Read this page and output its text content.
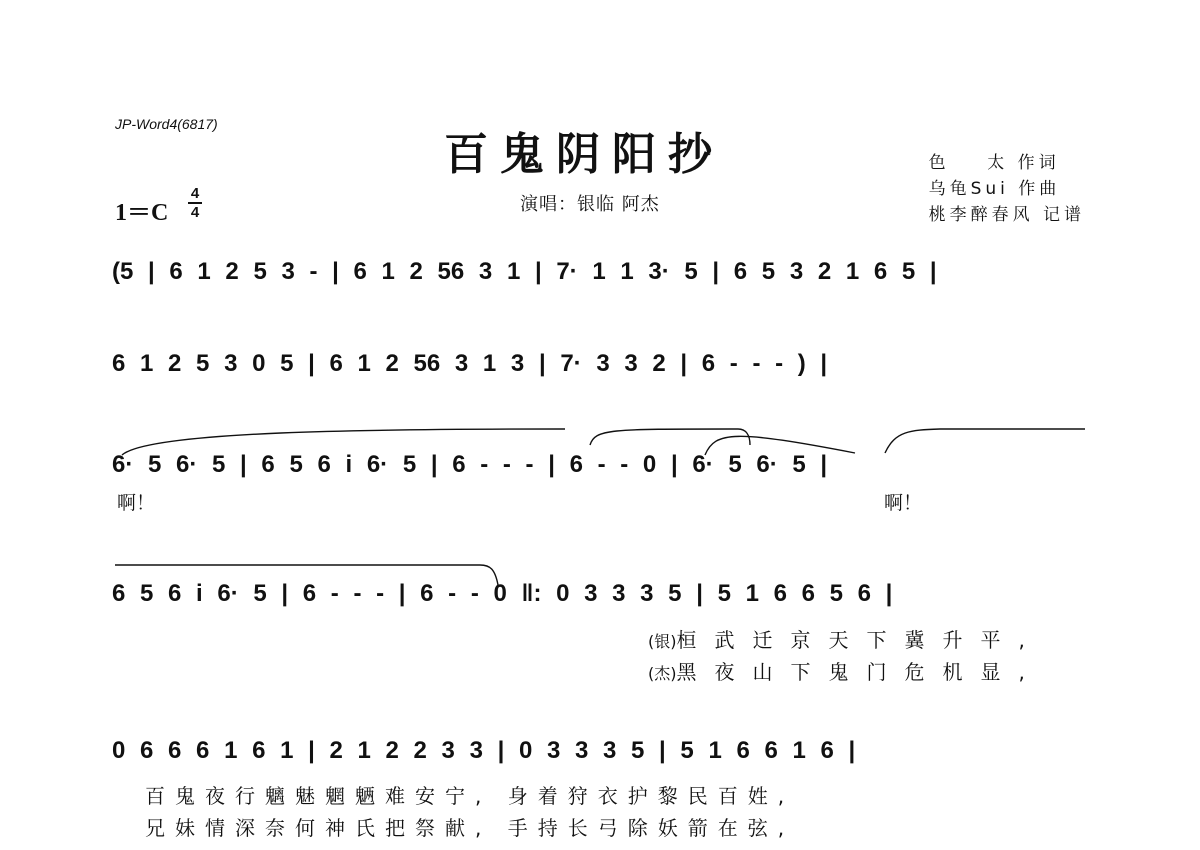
JP-Word4(6817)
百鬼阴阳抄
1＝C
4
4	演唱：银临 阿杰
色    太 作词
乌龟Sui 作曲
桃李醉春风 记谱
(5 | 6 1 2 5 3 - | 6 1 2 56 3 1 | 7· 1 1 3· 5 | 6 5 3 2 1 6 5 |
6 1 2 5 3 0 5 | 6 1 2 56 3 1 3 | 7· 3 3 2 | 6 - - - ) |
6· 5 6· 5 | 6 5 6 i 6· 5 | 6 - - - | 6 - - 0 | 6· 5 6· 5 |
啊！	啊！
6 5 6 i 6· 5 | 6 - - - | 6 - - 0 ‖: 0 3 3 3 5 | 5 1 6 6 5 6 |
(银)桓武迁京天下冀升平,
(杰)黑夜山下鬼门危机显,
0 6 6 6 1 6 1 | 2 1 2 2 3 3 | 0 3 3 3 5 | 5 1 6 6 1 6 |
百鬼夜行魑魅魍魉难安宁, 身着狩衣护黎民百姓,
兄妹情深奈何神氏把祭献, 手持长弓除妖箭在弦,
